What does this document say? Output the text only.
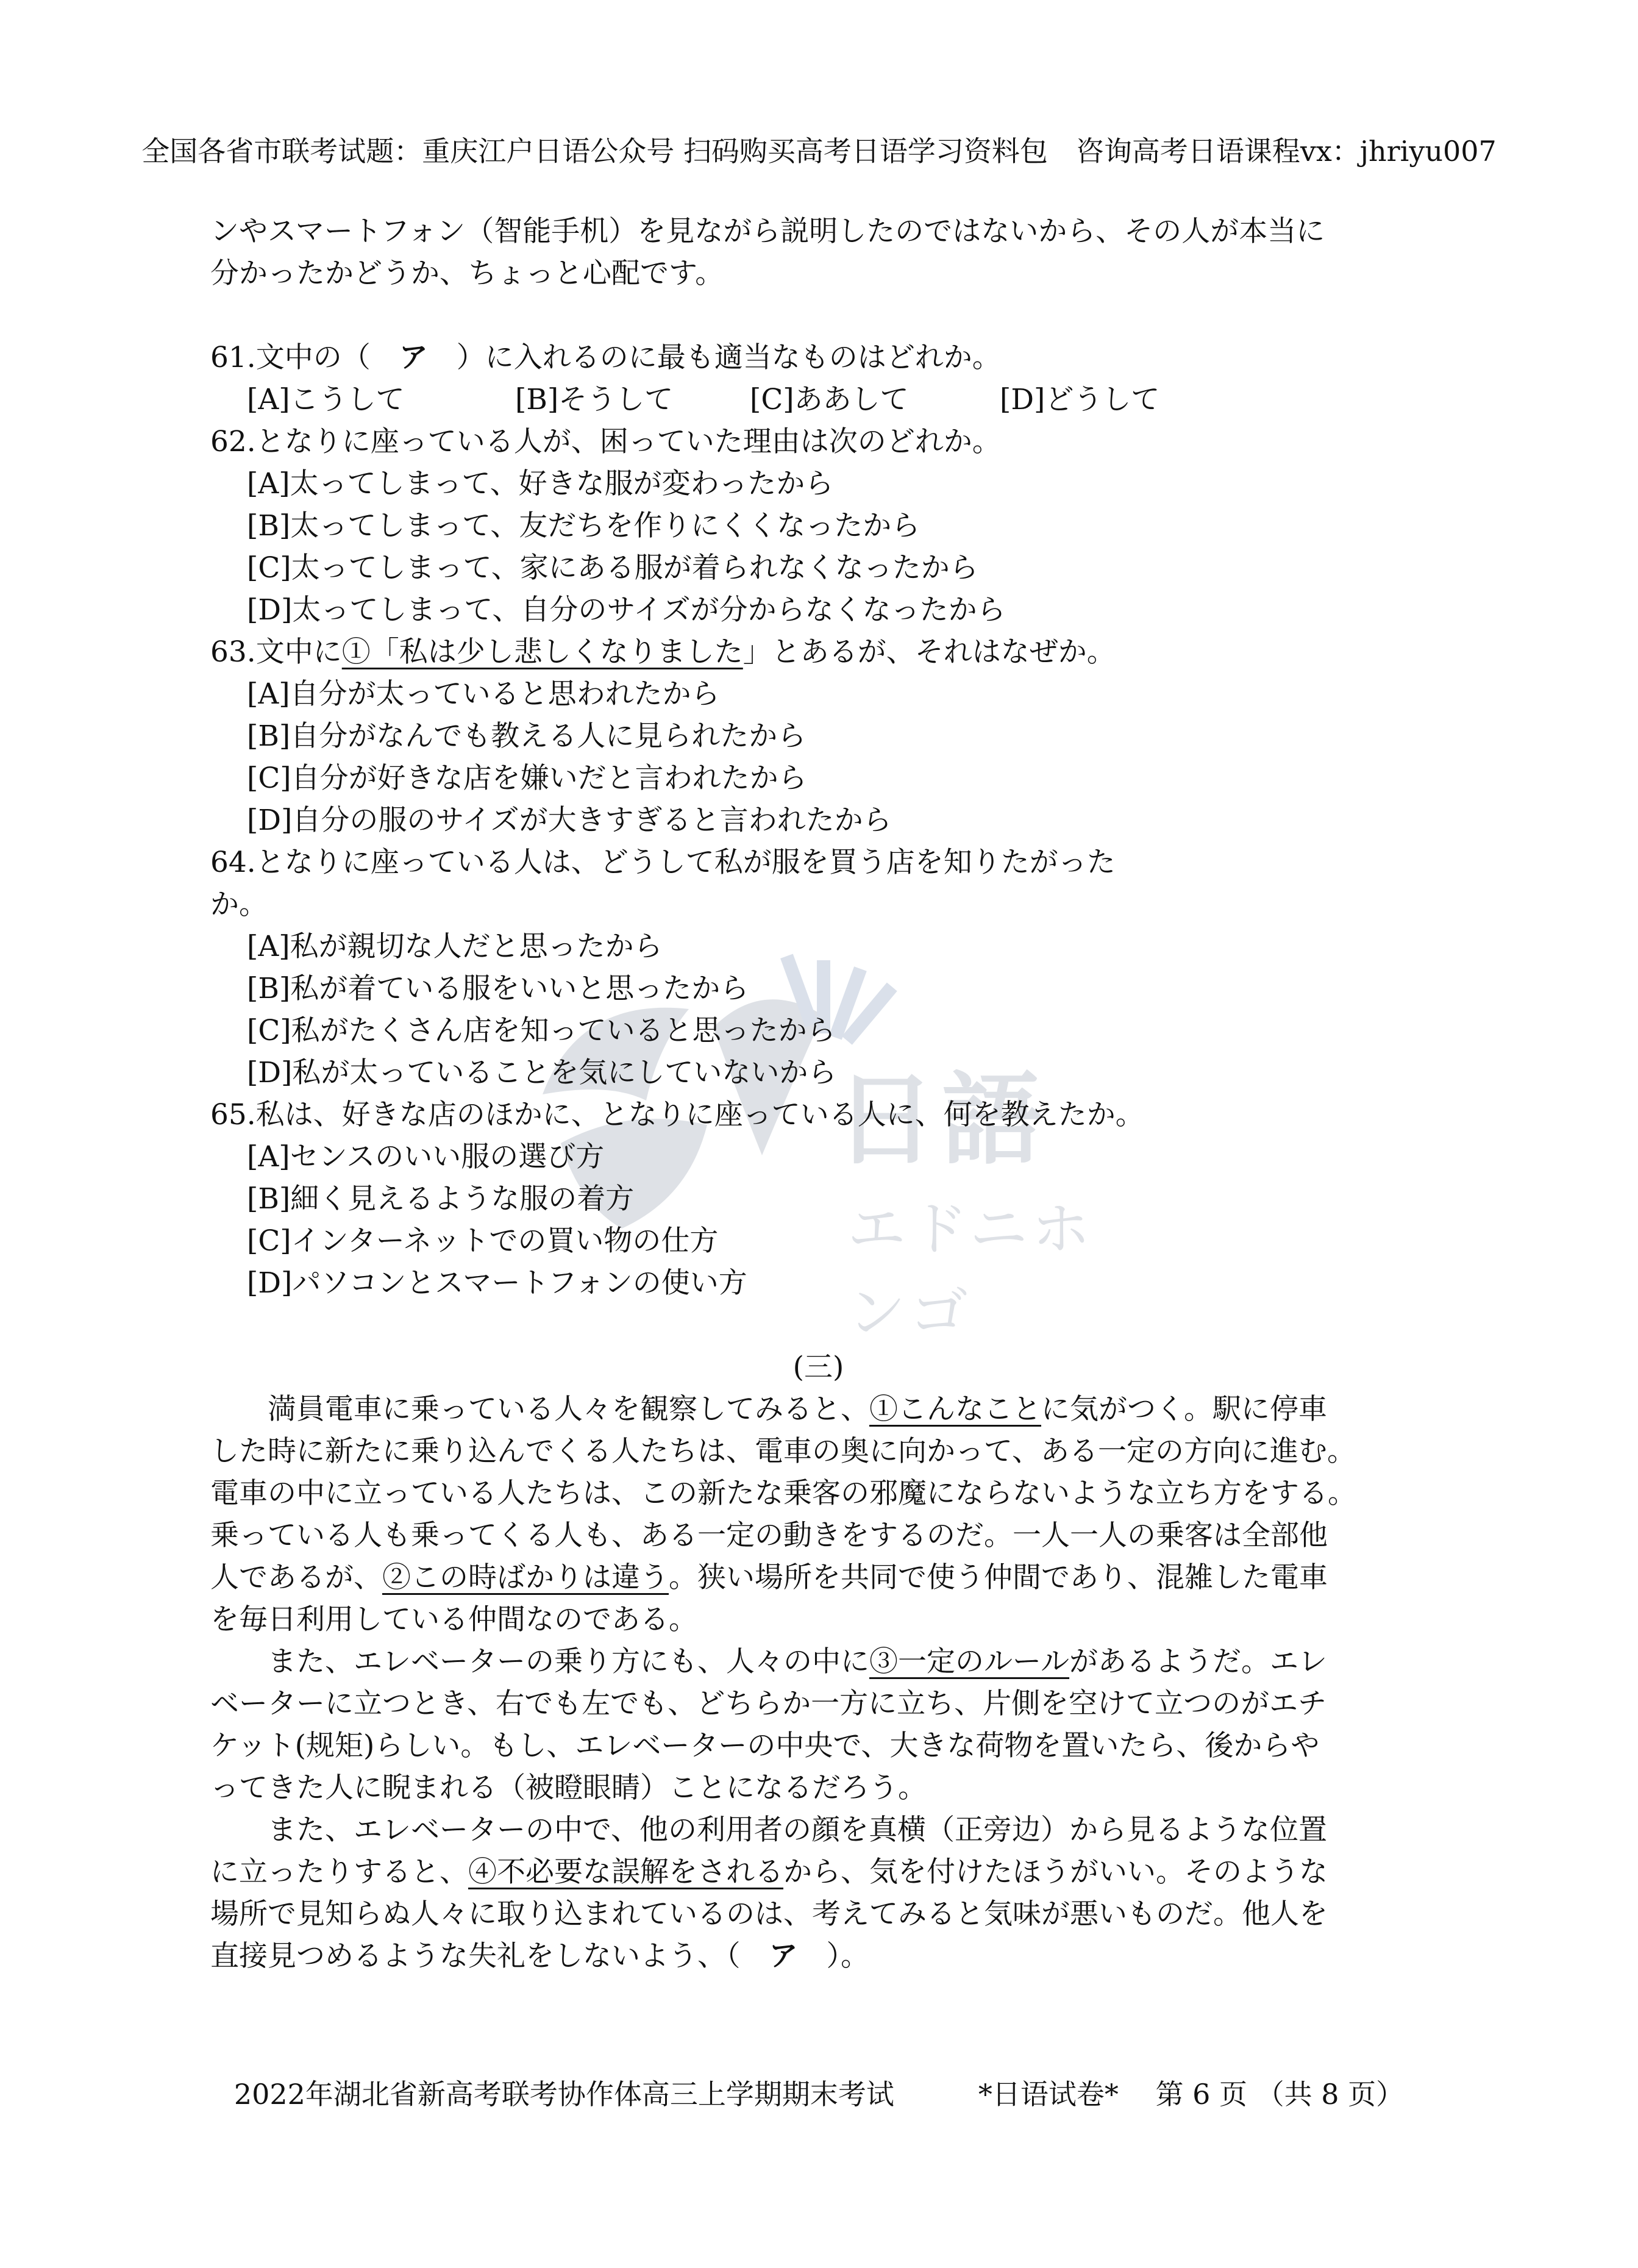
全国各省市联考试题：重庆江户日语公众号 扫码购买高考日语学习资料包　咨询高考日语课程vx：jhriyu007
日語
エドニホンゴ
ンやスマートフォン（智能手机）を見ながら説明したのではないから、その人が本当に
分かったかどうか、ちょっと心配です。
61.文中の（　ア　）に入れるのに最も適当なものはどれか。
[A]こうして	[B]そうして	[C]ああして	[D]どうして
62.となりに座っている人が、困っていた理由は次のどれか。
[A]太ってしまって、好きな服が変わったから
[B]太ってしまって、友だちを作りにくくなったから
[C]太ってしまって、家にある服が着られなくなったから
[D]太ってしまって、自分のサイズが分からなくなったから
63.文中に①「私は少し悲しくなりました」とあるが、それはなぜか。
[A]自分が太っていると思われたから
[B]自分がなんでも教える人に見られたから
[C]自分が好きな店を嫌いだと言われたから
[D]自分の服のサイズが大きすぎると言われたから
64.となりに座っている人は、どうして私が服を買う店を知りたがった
か。
[A]私が親切な人だと思ったから
[B]私が着ている服をいいと思ったから
[C]私がたくさん店を知っていると思ったから
[D]私が太っていることを気にしていないから
65.私は、好きな店のほかに、となりに座っている人に、何を教えたか。
[A]センスのいい服の選び方
[B]細く見えるような服の着方
[C]インターネットでの買い物の仕方
[D]パソコンとスマートフォンの使い方
(三)
満員電車に乗っている人々を観察してみると、①こんなことに気がつく。駅に停車
した時に新たに乗り込んでくる人たちは、電車の奥に向かって、ある一定の方向に進む。
電車の中に立っている人たちは、この新たな乗客の邪魔にならないような立ち方をする。
乗っている人も乗ってくる人も、ある一定の動きをするのだ。一人一人の乗客は全部他
人であるが、②この時ばかりは違う。狭い場所を共同で使う仲間であり、混雑した電車
を毎日利用している仲間なのである。
また、エレベーターの乗り方にも、人々の中に③一定のルールがあるようだ。エレ
ベーターに立つとき、右でも左でも、どちらか一方に立ち、片側を空けて立つのがエチ
ケット(规矩)らしい。もし、エレベーターの中央で、大きな荷物を置いたら、後からや
ってきた人に睨まれる（被瞪眼睛）ことになるだろう。
また、エレベーターの中で、他の利用者の顔を真横（正旁边）から見るような位置
に立ったりすると、④不必要な誤解をされるから、気を付けたほうがいい。そのような
場所で見知らぬ人々に取り込まれているのは、考えてみると気味が悪いものだ。他人を
直接見つめるような失礼をしないよう、（　ア　）。
2022年湖北省新高考联考协作体高三上学期期末考试　　　*日语试卷*　 第 6 页 （共 8 页）
